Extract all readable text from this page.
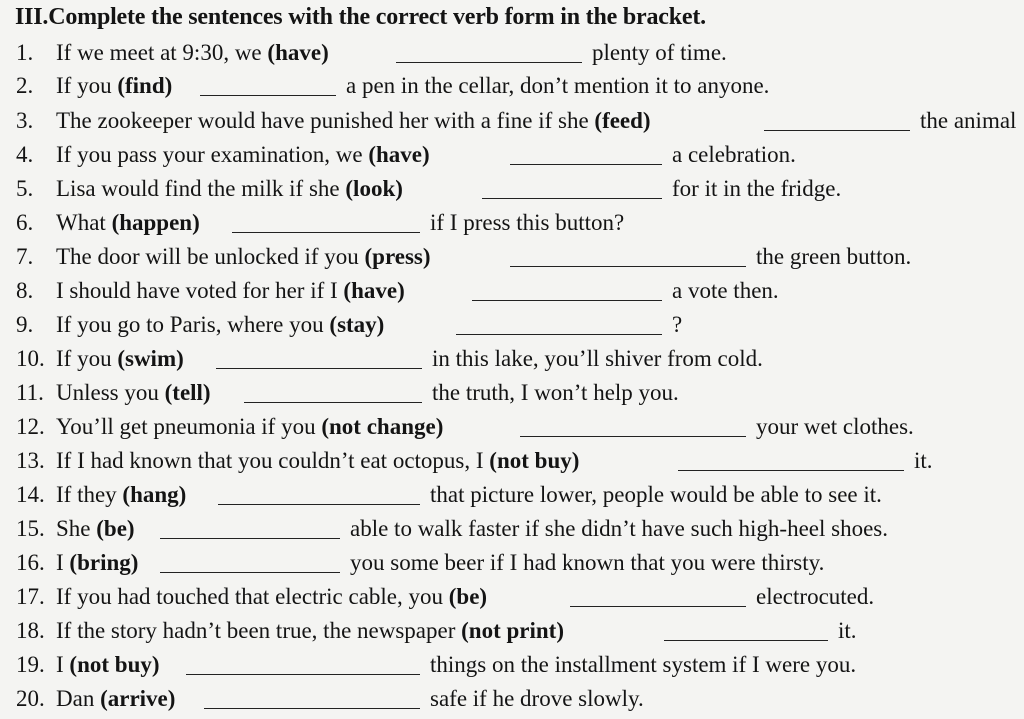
III.Complete the sentences with the correct verb form in the bracket.
1. If we meet at 9:30, we (have)	plenty of time.
2. If you (find)	a pen in the cellar, don’t mention it to anyone.
3. The zookeeper would have punished her with a fine if she (feed)	the animal
4. If you pass your examination, we (have)	a celebration.
5. Lisa would find the milk if she (look)	for it in the fridge.
6. What (happen)	if I press this button?
7. The door will be unlocked if you (press)	the green button.
8. I should have voted for her if I (have)	a vote then.
9. If you go to Paris, where you (stay)	?
10. If you (swim)	in this lake, you’ll shiver from cold.
11. Unless you (tell)	the truth, I won’t help you.
12. You’ll get pneumonia if you (not change)	your wet clothes.
13. If I had known that you couldn’t eat octopus, I (not buy)	it.
14. If they (hang)	that picture lower, people would be able to see it.
15. She (be)	able to walk faster if she didn’t have such high-heel shoes.
16. I (bring)	you some beer if I had known that you were thirsty.
17. If you had touched that electric cable, you (be)	electrocuted.
18. If the story hadn’t been true, the newspaper (not print)	it.
19. I (not buy)	things on the installment system if I were you.
20. Dan (arrive)	safe if he drove slowly.
